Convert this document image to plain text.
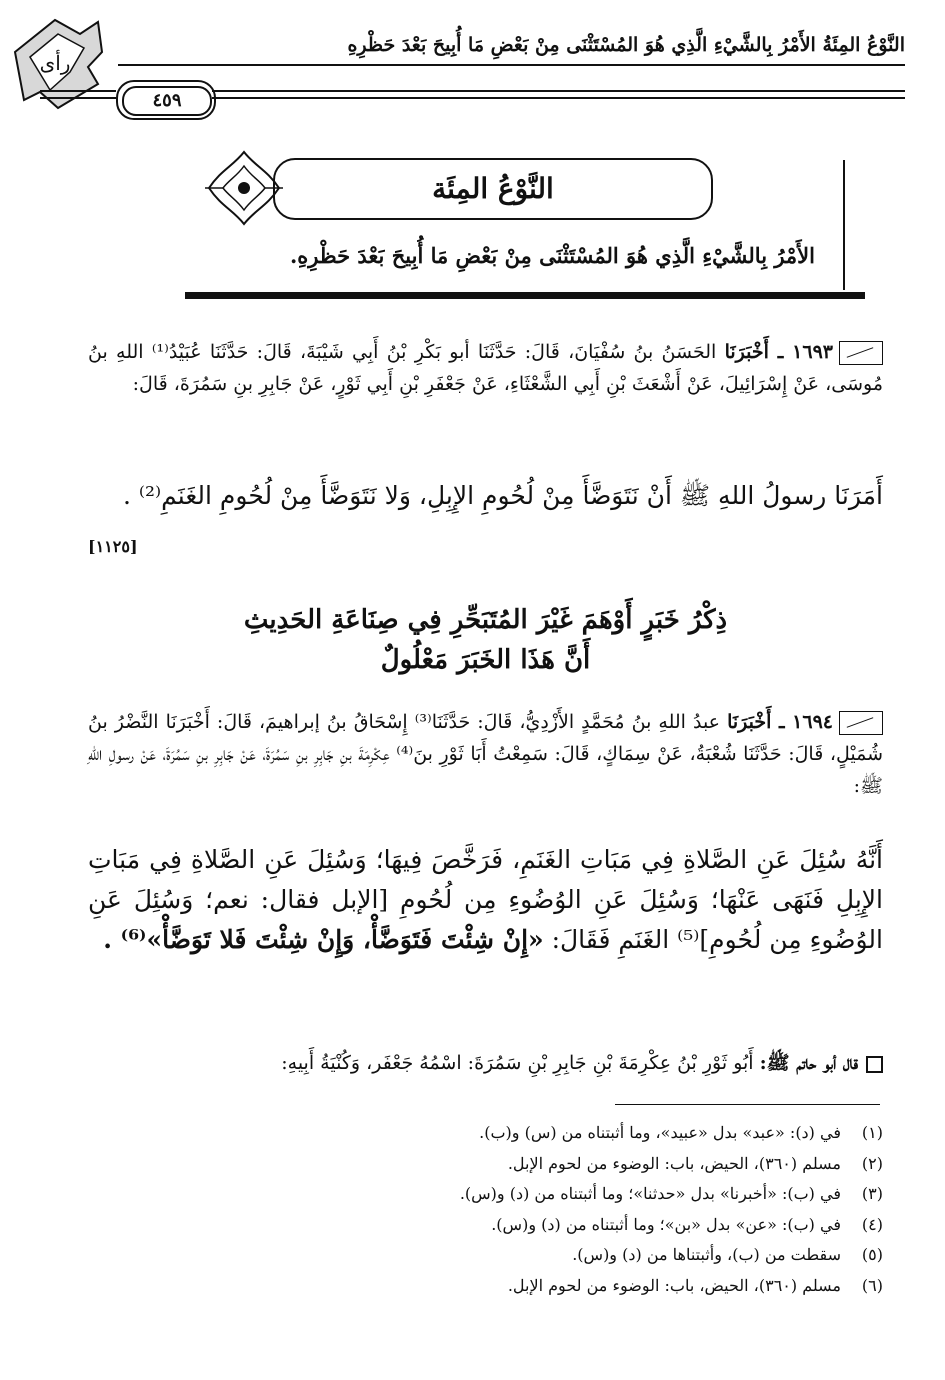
رأى
النَّوْعُ المِئَةُ الأَمْرُ بِالشَّيْءِ الَّذِي هُوَ المُسْتَثْنَى مِنْ بَعْضِ مَا أُبِيحَ بَعْدَ حَظْرِهِ
٤٥٩
النَّوْعُ المِئَة
الأَمْرُ بِالشَّيْءِ الَّذِي هُوَ المُسْتَثْنَى مِنْ بَعْضِ مَا أُبِيحَ بَعْدَ حَظْرِهِ.

١٦٩٣ ـ أَخْبَرَنَا الحَسَنُ بنُ سُفْيَانَ، قَالَ: حَدَّثَنَا أبو بَكْرِ بْنُ أَبِي شَيْبَةَ، قَالَ: حَدَّثَنَا عُبَيْدُ⁽¹⁾ اللهِ بنُ مُوسَى، عَنْ إِسْرَائِيلَ، عَنْ أَشْعَثَ بْنِ أَبِي الشَّعْثَاءِ، عَنْ جَعْفَرِ بْنِ أَبِي ثَوْرٍ، عَنْ جَابِرِ بنِ سَمُرَةَ، قَالَ:

أَمَرَنَا رسولُ اللهِ ﷺ أَنْ نَتَوَضَّأَ مِنْ لُحُومِ الإِبِلِ، وَلا نَتَوَضَّأَ مِنْ لُحُومِ الغَنَمِ⁽²⁾ .

[١١٢٥]
ذِكْرُ خَبَرٍ أَوْهَمَ غَيْرَ المُتَبَحِّرِ فِي صِنَاعَةِ الحَدِيثِ
أَنَّ هَذَا الخَبَرَ مَعْلُولٌ

١٦٩٤ ـ أَخْبَرَنَا عبدُ اللهِ بنُ مُحَمَّدٍ الأَزْدِيُّ، قَالَ: حَدَّثَنَا⁽³⁾ إِسْحَاقُ بنُ إبراهيمَ، قَالَ: أَخْبَرَنَا النَّضْرُ بنُ شُمَيْلٍ، قَالَ: حَدَّثَنَا شُعْبَةُ، عَنْ سِمَاكٍ، قَالَ: سَمِعْتُ أَبَا ثَوْرِ بنَ⁽⁴⁾ عِكْرِمَةَ بنِ جَابِرِ بنِ سَمُرَةَ، عَنْ جَابِرِ بنِ سَمُرَةَ، عَنْ رسولِ اللهِ ﷺ:

أَنَّهُ سُئِلَ عَنِ الصَّلاةِ فِي مَبَاتِ الغَنَمِ، فَرَخَّصَ فِيهَا؛ وَسُئِلَ عَنِ الصَّلاةِ فِي مَبَاتِ الإِبِلِ فَنَهَى عَنْهَا؛ وَسُئِلَ عَنِ الوُضُوءِ مِن لُحُومِ [الإبل فقال: نعم؛ وَسُئِلَ عَنِ الوُضُوءِ مِن لُحُومِ]⁽⁵⁾ الغَنَمِ فَقَالَ: «إِنْ شِئْتَ فَتَوَضَّأْ، وَإِنْ شِئْتَ فَلا تَوَضَّأْ»⁽⁶⁾ .

قال أبو حاتم ﷺ: أَبُو ثَوْرِ بْنُ عِكْرِمَةَ بْنِ جَابِرِ بْنِ سَمُرَةَ: اسْمُهُ جَعْفَر، وَكُنْيَةُ أَبِيهِ:
(١)في (د): «عبد» بدل «عبيد»، وما أثبتناه من (س) و(ب).
(٢)مسلم (٣٦٠)، الحيض، باب: الوضوء من لحوم الإبل.
(٣)في (ب): «أخبرنا» بدل «حدثنا»؛ وما أثبتناه من (د) و(س).
(٤)في (ب): «عن» بدل «بن»؛ وما أثبتناه من (د) و(س).
(٥)سقطت من (ب)، وأثبتناها من (د) و(س).
(٦)مسلم (٣٦٠)، الحيض، باب: الوضوء من لحوم الإبل.
